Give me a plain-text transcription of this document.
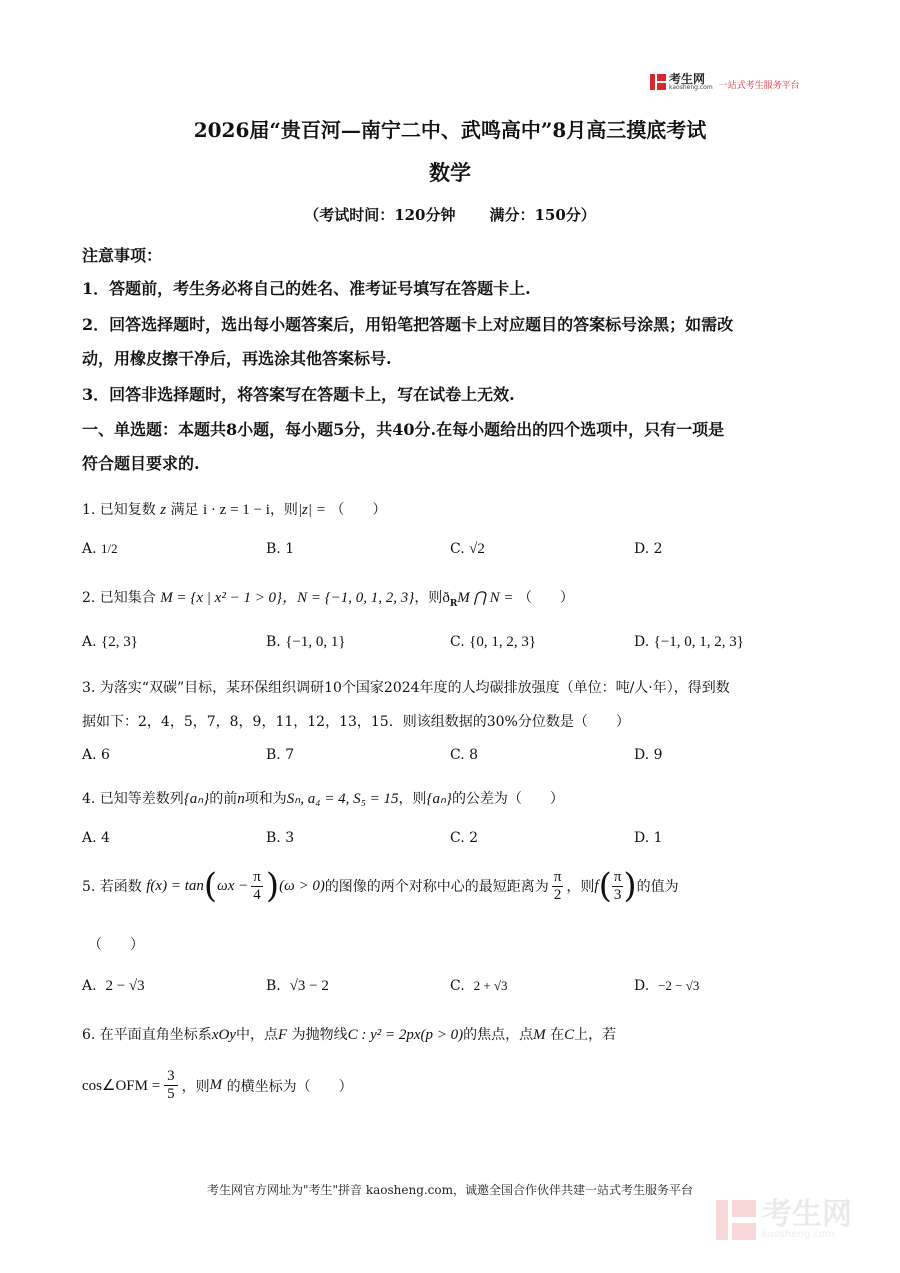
考生网
kaosheng.com 一站式考生服务平台
2026届“贵百河—南宁二中、武鸣高中”8月高三摸底考试
数学
（考试时间：120分钟 满分：150分）
注意事项：
1．答题前，考生务必将自己的姓名、准考证号填写在答题卡上.
2．回答选择题时，选出每小题答案后，用铅笔把答题卡上对应题目的答案标号涂黑；如需改
动，用橡皮擦干净后，再选涂其他答案标号.
3．回答非选择题时，将答案写在答题卡上，写在试卷上无效.
一、单选题：本题共8小题，每小题5分，共40分.在每小题给出的四个选项中，只有一项是
符合题目要求的.
1. 已知复数 z 满足 i · z = 1 − i，则|z| = （　　）
A. 1/2	B. 1	C. √2	D. 2
2. 已知集合 M = {x | x² − 1 > 0}，N = {−1, 0, 1, 2, 3}，则$ð_RM$ ⋂ N = （　　）
A. {2, 3}	B. {−1, 0, 1}	C. {0, 1, 2, 3}	D. {−1, 0, 1, 2, 3}
3. 为落实“双碳”目标，某环保组织调研10个国家2024年度的人均碳排放强度（单位：吨/人·年），得到数
据如下：2，4，5，7，8，9，11，12，13，15．则该组数据的30%分位数是（　　）
A. 6	B. 7	C. 8	D. 9
4. 已知等差数列{aₙ}的前n项和为Sₙ, a₄ = 4, S₅ = 15，则{aₙ}的公差为（　　）
A. 4	B. 3	C. 2	D. 1
5. 若函数
f(x) = tan ( $\omega x - \frac{\pi}{4}$ ) (ω > 0) 的图像的两个对称中心的最短距离为 $\frac{\pi}{2}$ ，则 f ( $\frac{\pi}{3}$ ) 的值为
（　　）
A. 2 − √3	B. √3 − 2	C. 2 + √3	D. −2 − √3
6. 在平面直角坐标系xOy中，点F 为抛物线C : y² = 2px(p > 0)的焦点，点M 在C上，若
cos∠OFM = $\frac{3}{5}$ ，则 M
的横坐标为（　　）
考生网官方网址为"考生"拼音 kaosheng.com，诚邀全国合作伙伴共建一站式考生服务平台
考生网
kaosheng.com
